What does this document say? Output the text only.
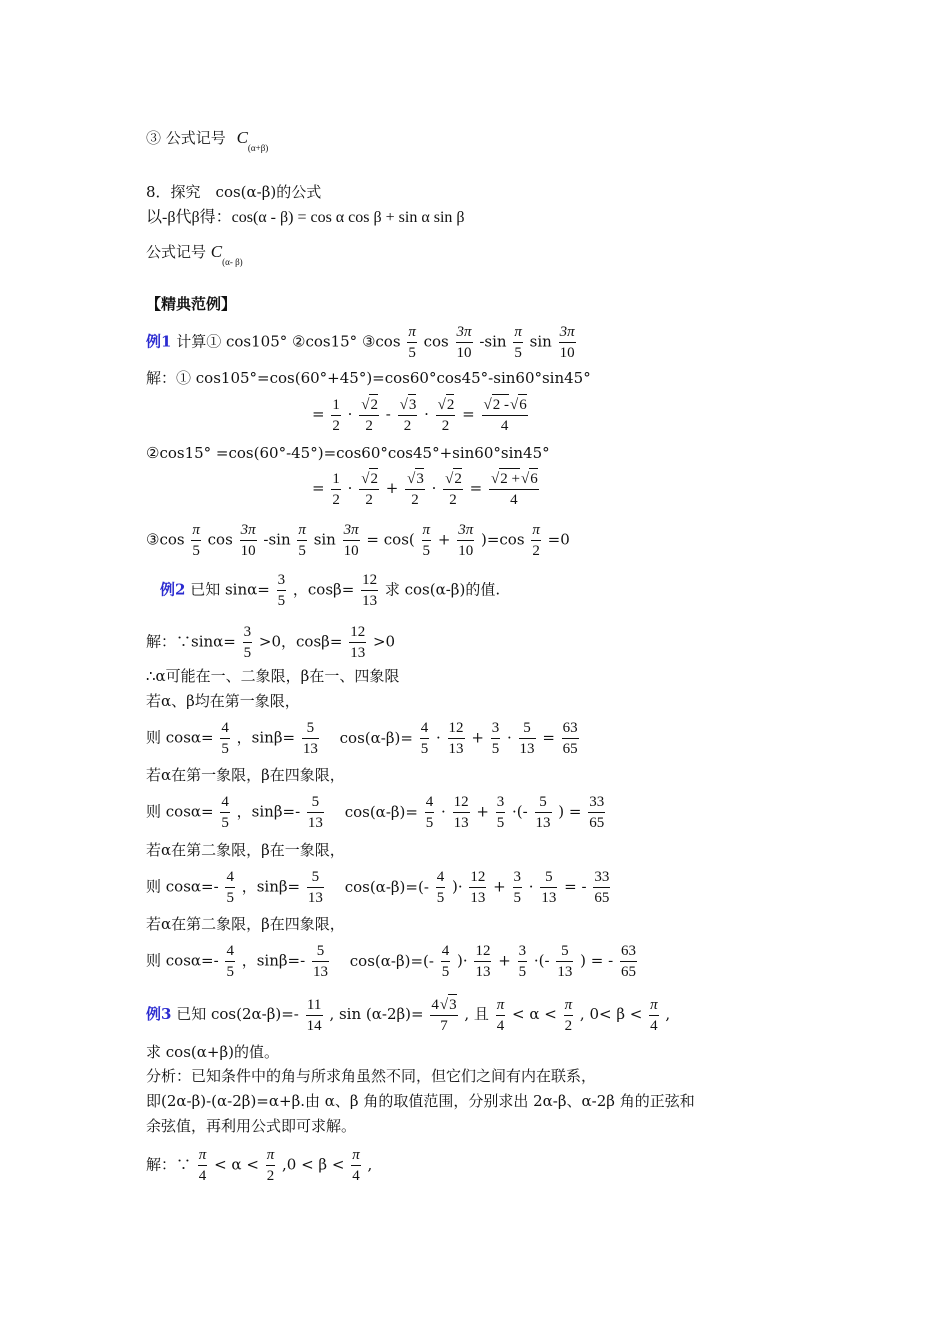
③ 公式记号 $C_{(\alpha+\beta)}$
8．探究　cos(α-β)的公式
以-β代β得：cos(α - β) = cos α cos β + sin α sin β
公式记号 $C_{(\alpha- \beta)}$
【精典范例】
例1 计算① cos105° ②cos15° ③cos $\frac{\pi}{5}$ $\cos \frac{3\pi}{10} -\sin \frac{\pi}{5}$ $\sin \frac{3\pi}{10}$
解：① cos105°=cos(60°+45°)=cos60°cos45°-sin60°sin45°
= $\frac{1}{2}$ · √ $\frac{2}{2}$ - √ $\frac{3}{2}$ · √ $\frac{2}{2}$ = √ $\frac{2 -√ 6}{4}$
②cos15° =cos(60°-45°)=cos60°cos45°+sin60°sin45°
= $\frac{1}{2}$ · √ $\frac{2}{2}$ + √ $\frac{3}{2}$ · √ $\frac{2}{2}$ = √ $\frac{2 +√ 6}{4}$
③cos $\frac{\pi}{5}$ $\cos \frac{3\pi}{10} -\sin \frac{\pi}{5}$ $\sin \frac{3\pi}{10} = \cos( \frac{\pi}{5} + \frac{3\pi}{10} )=\cos \frac{\pi}{2} =0$
例2 已知 $\sin\alpha= \frac{3}{5}$ ，$\cos\beta= \frac{12}{13}$ 求 cos(α-β)的值.
解：∵sinα= $\frac{3}{5} >0$，$\cos\beta= \frac{12}{13} >0$
∴α可能在一、二象限，β在一、四象限
若α、β均在第一象限，
则 $\cos\alpha= \frac{4}{5}$ ，$\sin\beta= \frac{5}{13} \cos(\alpha-\beta)= \frac{4}{5} \cdot \frac{12}{13} + \frac{3}{5} \cdot \frac{5}{13} = \frac{63}{65}$
若α在第一象限，β在四象限，
则 $\cos\alpha= \frac{4}{5}$ ，$\sin\beta=- \frac{5}{13} \cos(\alpha-\beta)= \frac{4}{5} \cdot \frac{12}{13} + \frac{3}{5}$ ·(- $\frac{5}{13}$ ) = $\frac{33}{65}$
若α在第二象限，β在一象限，
则 $\cos\alpha=- \frac{4}{5}$ ，$\sin\beta= \frac{5}{13} \cos(\alpha-\beta)=(- \frac{4}{5}$ )· $\frac{12}{13} + \frac{3}{5} \cdot \frac{5}{13}$ = - $\frac{33}{65}$
若α在第二象限，β在四象限，
则 $\cos\alpha=- \frac{4}{5}$ ，$\sin\beta=- \frac{5}{13} \cos(\alpha-\beta)=(- \frac{4}{5}$ )· $\frac{12}{13} + \frac{3}{5}$ ·(- $\frac{5}{13}$ ) = - $\frac{63}{65}$
例3 已知 $\cos(2\alpha-\beta)=- \frac{11}{14}$ , $\sin (\alpha-2\beta)= \frac{4 √ 3}{7}$ , 且 $\frac{\pi}{4} < \alpha < \frac{\pi}{2}$ , $0< \beta < \frac{\pi}{4}$ ,
求 cos(α+β)的值。
分析：已知条件中的角与所求角虽然不同，但它们之间有内在联系，
即(2α-β)-(α-2β)=α+β.由 α、β 角的取值范围，分别求出 2α-β、α-2β 角的正弦和
余弦值，再利用公式即可求解。
解：∵ $\frac{\pi}{4} < \alpha < \frac{\pi}{2} ,0 < \beta < \frac{\pi}{4}$ ,
